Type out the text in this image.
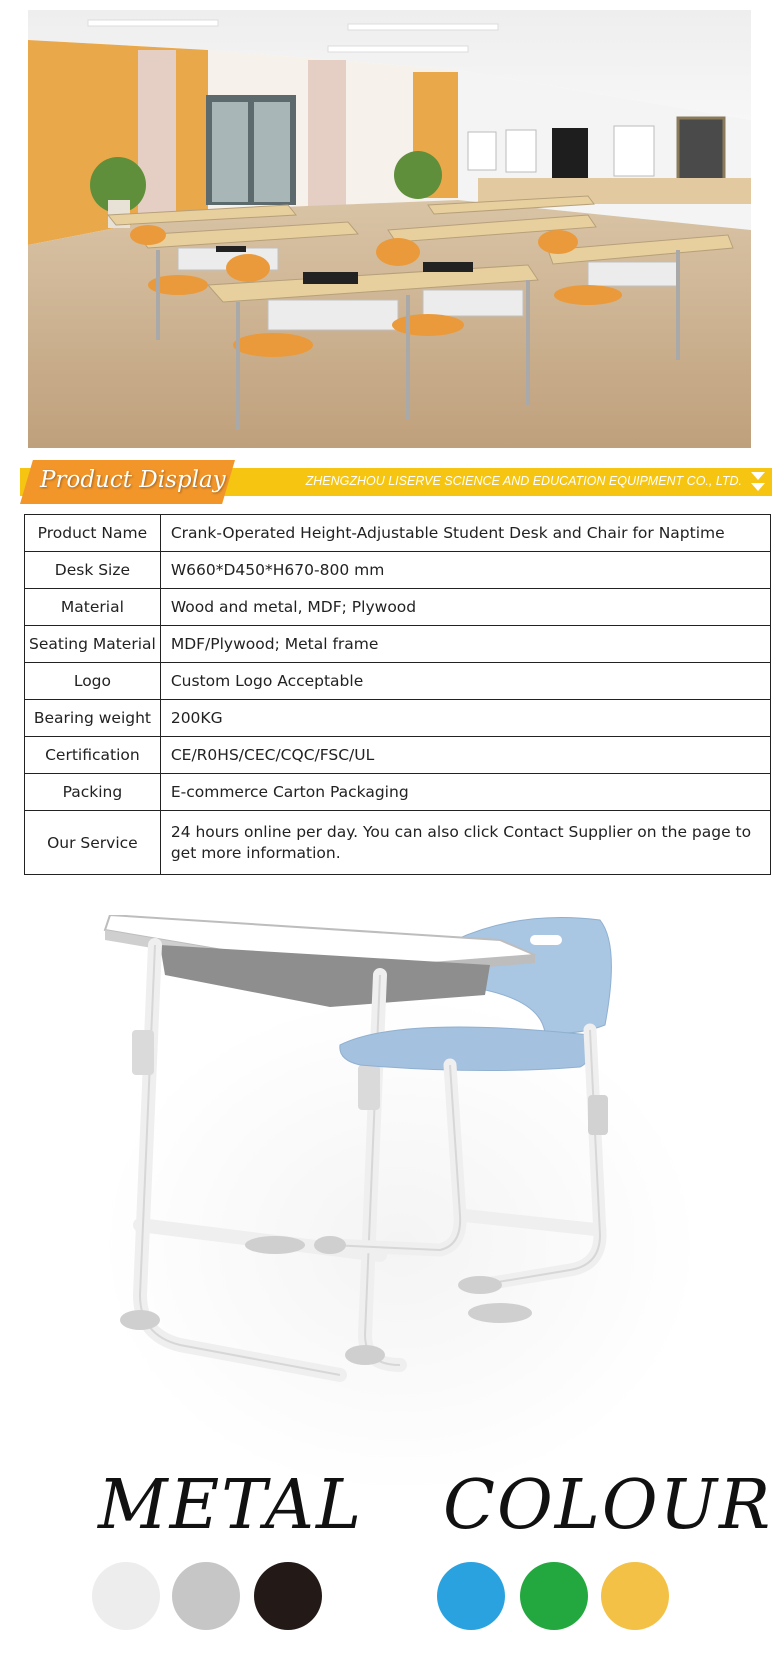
Product Display	ZHENGZHOU LISERVE SCIENCE AND EDUCATION EQUIPMENT CO., LTD.
Product Name	Crank-Operated Height-Adjustable Student Desk and Chair for Naptime
Desk Size	W660*D450*H670-800 mm
Material	Wood and metal, MDF; Plywood
Seating Material	MDF/Plywood; Metal frame
Logo	Custom Logo Acceptable
Bearing weight	200KG
Certification	CE/R0HS/CEC/CQC/FSC/UL
Packing	E-commerce Carton Packaging
Our Service	24 hours online per day. You can also click Contact Supplier on the page to get more information.
METAL COLOUR
